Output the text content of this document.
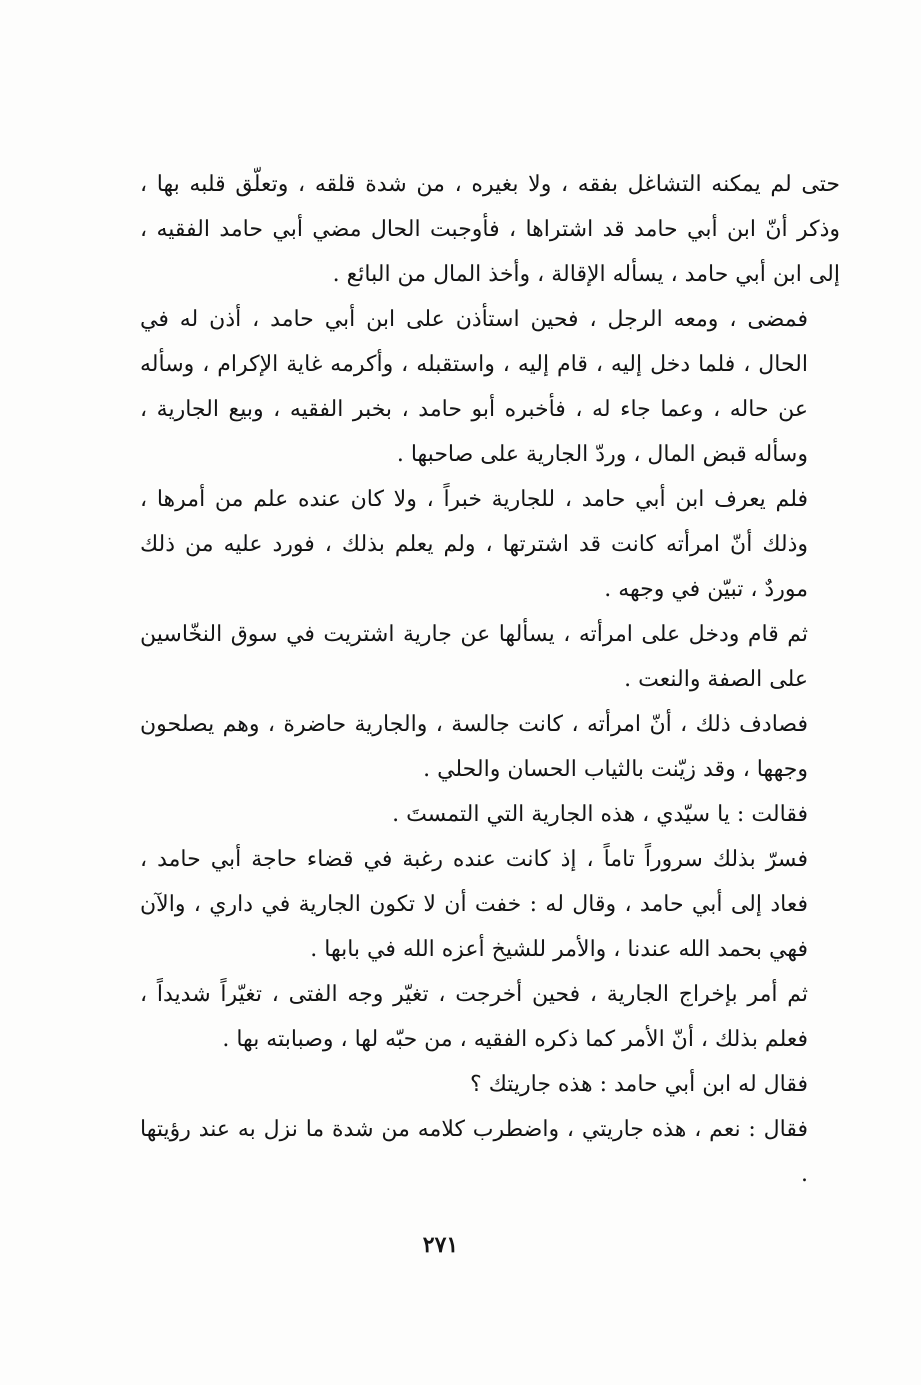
حتى لم يمكنه التشاغل بفقه ، ولا بغيره ، من شدة قلقه ، وتعلّق قلبه بها ، وذكر أنّ ابن أبي حامد قد اشتراها ، فأوجبت الحال مضي أبي حامد الفقيه ، إلى ابن أبي حامد ، يسأله الإقالة ، وأخذ المال من البائع .

فمضى ، ومعه الرجل ، فحين استأذن على ابن أبي حامد ، أذن له في الحال ، فلما دخل إليه ، قام إليه ، واستقبله ، وأكرمه غاية الإكرام ، وسأله عن حاله ، وعما جاء له ، فأخبره أبو حامد ، بخبر الفقيه ، وبيع الجارية ، وسأله قبض المال ، وردّ الجارية على صاحبها .

فلم يعرف ابن أبي حامد ، للجارية خبراً ، ولا كان عنده علم من أمرها ، وذلك أنّ امرأته كانت قد اشترتها ، ولم يعلم بذلك ، فورد عليه من ذلك موردٌ ، تبيّن في وجهه .

ثم قام ودخل على امرأته ، يسألها عن جارية اشتريت في سوق النخّاسين على الصفة والنعت .

فصادف ذلك ، أنّ امرأته ، كانت جالسة ، والجارية حاضرة ، وهم يصلحون وجهها ، وقد زيّنت بالثياب الحسان والحلي .

فقالت : يا سيّدي ، هذه الجارية التي التمستَ .

فسرّ بذلك سروراً تاماً ، إذ كانت عنده رغبة في قضاء حاجة أبي حامد ، فعاد إلى أبي حامد ، وقال له : خفت أن لا تكون الجارية في داري ، والآن فهي بحمد الله عندنا ، والأمر للشيخ أعزه الله في بابها .

ثم أمر بإخراج الجارية ، فحين أخرجت ، تغيّر وجه الفتى ، تغيّراً شديداً ، فعلم بذلك ، أنّ الأمر كما ذكره الفقيه ، من حبّه لها ، وصبابته بها .

فقال له ابن أبي حامد : هذه جاريتك ؟

فقال : نعم ، هذه جاريتي ، واضطرب كلامه من شدة ما نزل به عند رؤيتها .

٢٧١
